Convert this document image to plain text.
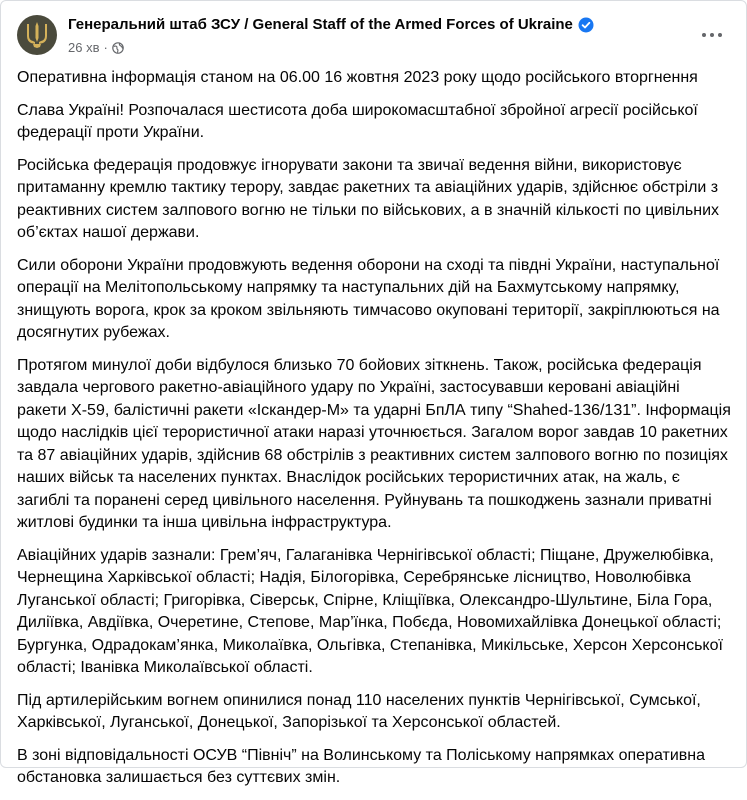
Генеральний штаб ЗСУ / General Staff of the Armed Forces of Ukraine
26 хв ·

Оперативна інформація станом на 06.00 16 жовтня 2023 року щодо російського вторгнення

Слава Україні! Розпочалася шестисота доба широкомасштабної збройної агресії російської федерації проти України.

Російська федерація продовжує ігнорувати закони та звичаї ведення війни, використовує притаманну кремлю тактику терору, завдає ракетних та авіаційних ударів, здійснює обстріли з реактивних систем залпового вогню не тільки по військових, а в значній кількості по цивільних об’єктах нашої держави.

Сили оборони України продовжують ведення оборони на сході та півдні України, наступальної операції на Мелітопольському напрямку та наступальних дій на Бахмутському напрямку, знищують ворога, крок за кроком звільняють тимчасово окуповані території, закріплюються на досягнутих рубежах.

Протягом минулої доби відбулося близько 70 бойових зіткнень. Також, російська федерація завдала чергового ракетно-авіаційного удару по Україні, застосувавши керовані авіаційні ракети Х-59, балістичні ракети «Іскандер-М» та ударні БпЛА типу “Shahed-136/131”. Інформація щодо наслідків цієї терористичної атаки наразі уточнюється. Загалом ворог завдав 10 ракетних та 87 авіаційних ударів, здійснив 68 обстрілів з реактивних систем залпового вогню по позиціях наших військ та населених пунктах. Внаслідок російських терористичних атак, на жаль, є загиблі та поранені серед цивільного населення. Руйнувань та пошкоджень зазнали приватні житлові будинки та інша цивільна інфраструктура.

Авіаційних ударів зазнали: Грем’яч, Галаганівка Чернігівської області; Піщане, Дружелюбівка, Чернещина Харківської області; Надія, Білогорівка, Серебрянське лісництво, Новолюбівка Луганської області; Григорівка, Сіверськ, Спірне, Кліщіївка, Олександро-Шультине, Біла Гора, Диліївка, Авдіївка, Очеретине, Степове, Мар’їнка, Побєда, Новомихайлівка Донецької області; Бургунка, Одрадокам’янка, Миколаївка, Ольгівка, Степанівка, Микільське, Херсон Херсонської області; Іванівка Миколаївської області.

Під артилерійським вогнем опинилися понад 110 населених пунктів Чернігівської, Сумської, Харківської, Луганської, Донецької, Запорізької та Херсонської областей.

В зоні відповідальності ОСУВ “Північ” на Волинському та Поліському напрямках оперативна обстановка залишається без суттєвих змін.
